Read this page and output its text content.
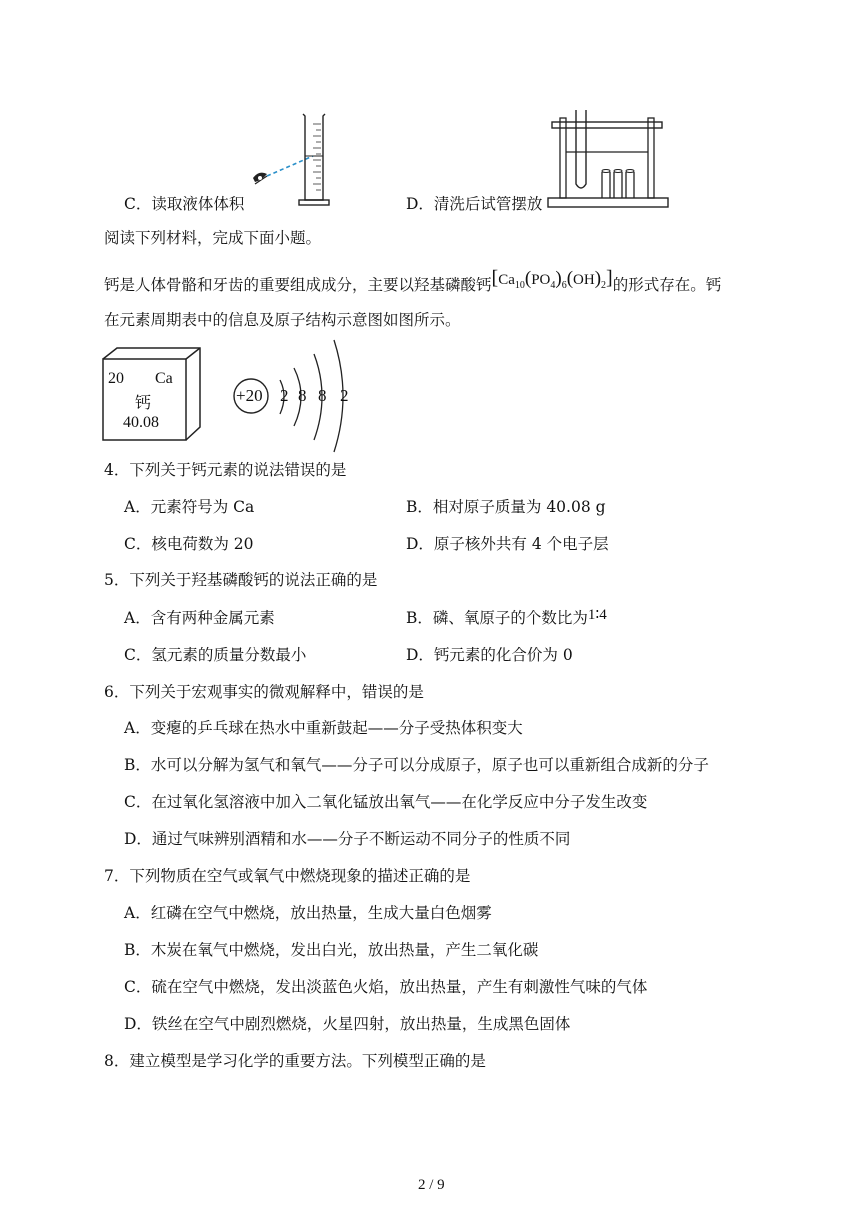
C．读取液体体积	D．清洗后试管摆放
阅读下列材料，完成下面小题。
钙是人体骨骼和牙齿的重要组成成分，主要以羟基磷酸钙$[Ca_{10}(PO_4)_6(OH)_2]$的形式存在。钙
在元素周期表中的信息及原子结构示意图如图所示。
20 Ca
钙
40.08
+20 2 8 8 2
4．下列关于钙元素的说法错误的是
A．元素符号为 Ca	B．相对原子质量为 40.08 g
C．核电荷数为 20	D．原子核外共有 4 个电子层
5．下列关于羟基磷酸钙的说法正确的是
A．含有两种金属元素	B．磷、氧原子的个数比为1∶4
C．氢元素的质量分数最小	D．钙元素的化合价为 0
6．下列关于宏观事实的微观解释中，错误的是
A．变瘪的乒乓球在热水中重新鼓起——分子受热体积变大
B．水可以分解为氢气和氧气——分子可以分成原子，原子也可以重新组合成新的分子
C．在过氧化氢溶液中加入二氧化锰放出氧气——在化学反应中分子发生改变
D．通过气味辨别酒精和水——分子不断运动不同分子的性质不同
7．下列物质在空气或氧气中燃烧现象的描述正确的是
A．红磷在空气中燃烧，放出热量，生成大量白色烟雾
B．木炭在氧气中燃烧，发出白光，放出热量，产生二氧化碳
C．硫在空气中燃烧，发出淡蓝色火焰，放出热量，产生有刺激性气味的气体
D．铁丝在空气中剧烈燃烧，火星四射，放出热量，生成黑色固体
8．建立模型是学习化学的重要方法。下列模型正确的是
2 / 9
